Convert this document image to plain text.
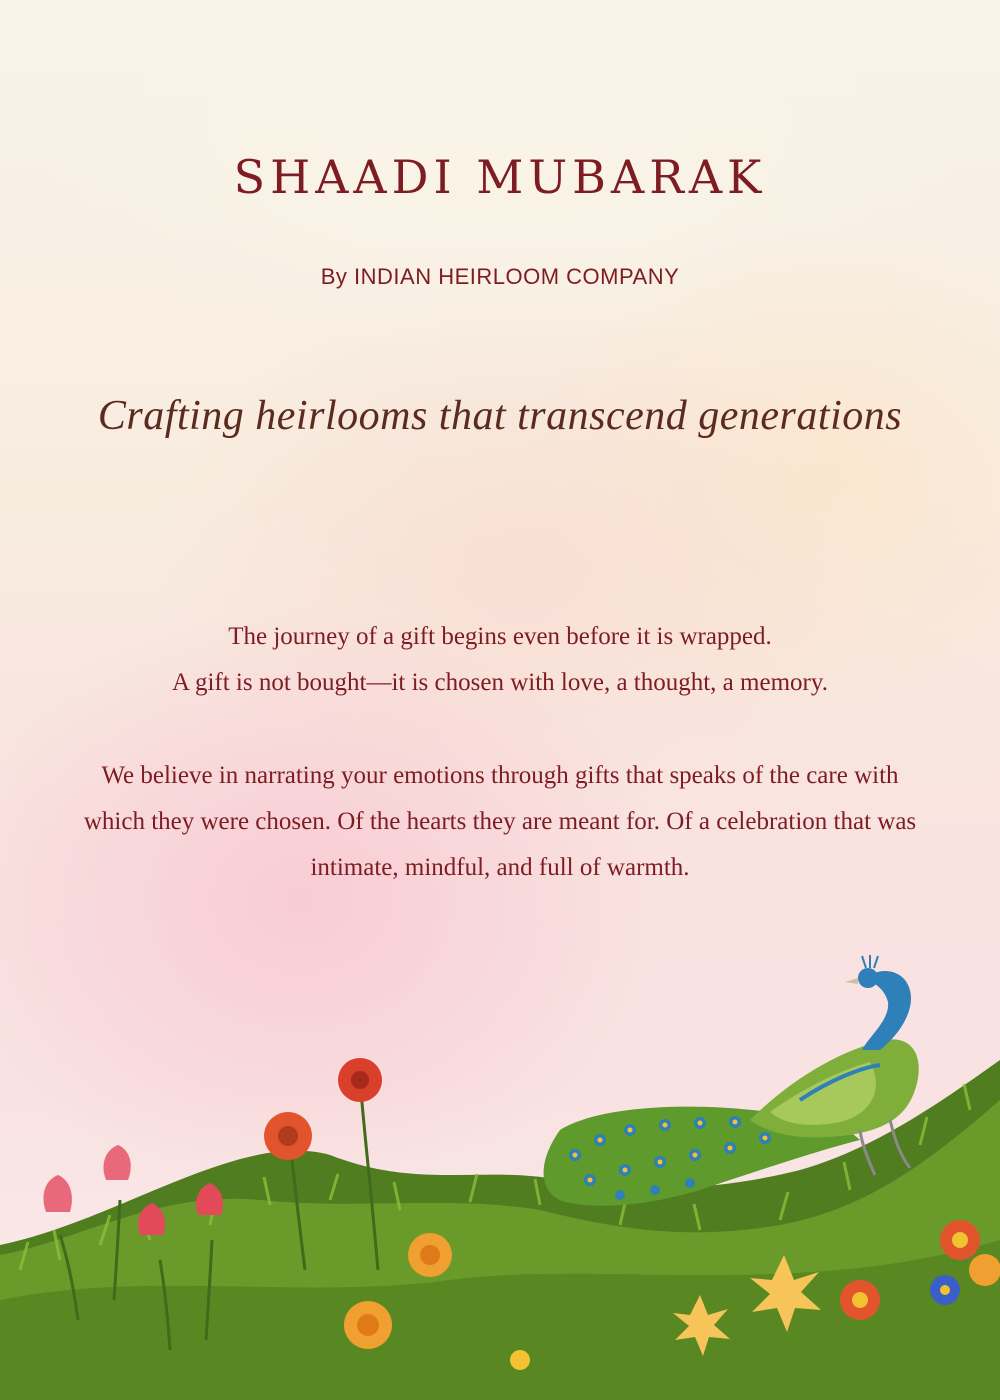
SHAADI MUBARAK
By INDIAN HEIRLOOM COMPANY
Crafting heirlooms that transcend generations
The journey of a gift begins even before it is wrapped.
A gift is not bought—it is chosen with love, a thought, a memory.
We believe in narrating your emotions through gifts that speaks of the care with which they were chosen. Of the hearts they are meant for. Of a celebration that was intimate, mindful, and full of warmth.
